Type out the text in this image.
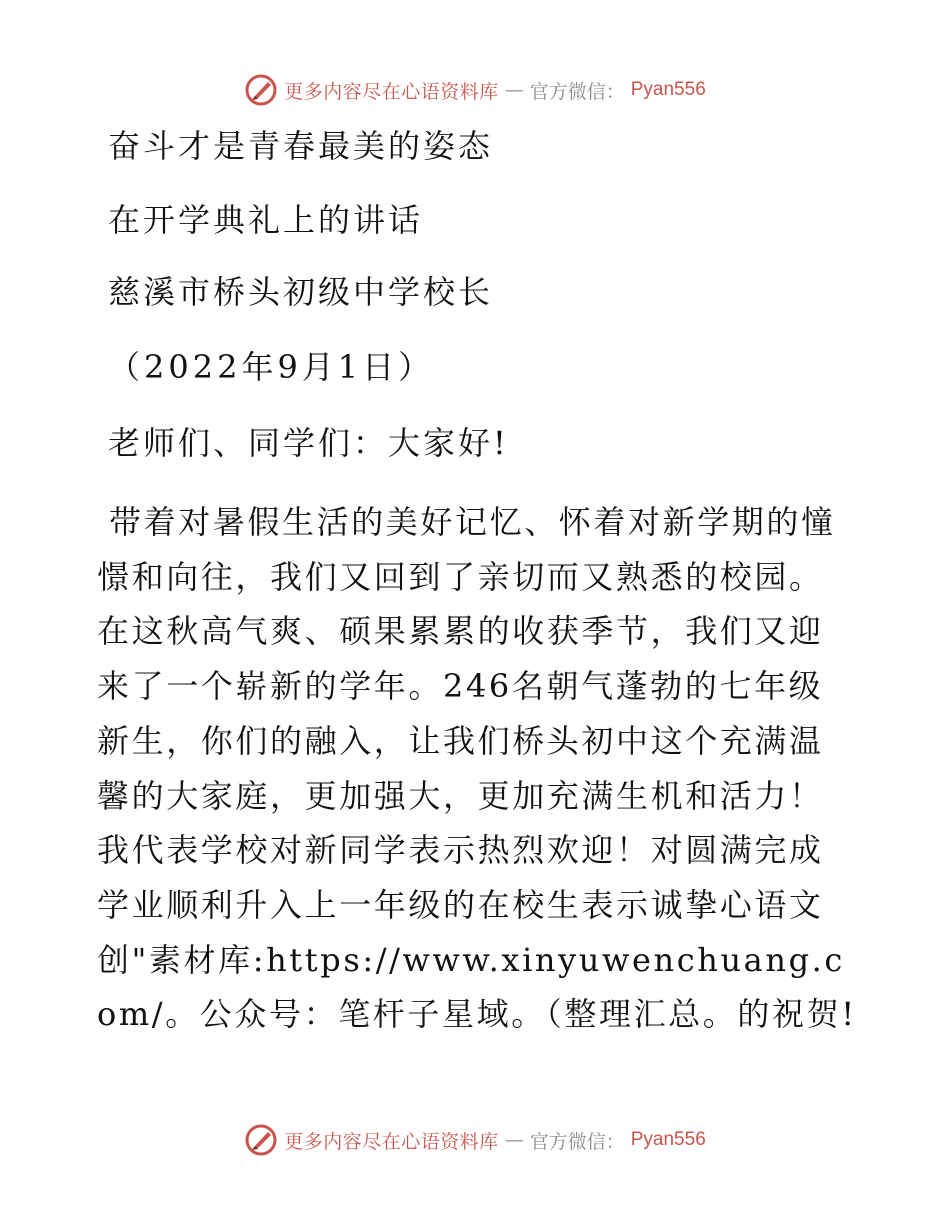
更多内容尽在心语资料库 — 官方微信： Pyan556
奋斗才是青春最美的姿态
在开学典礼上的讲话
慈溪市桥头初级中学校长
（2022年9月1日）
老师们、同学们：大家好!
带着对暑假生活的美好记忆、怀着对新学期的憧憬和向往，我们又回到了亲切而又熟悉的校园。在这秋高气爽、硕果累累的收获季节，我们又迎来了一个崭新的学年。246名朝气蓬勃的七年级新生，你们的融入，让我们桥头初中这个充满温馨的大家庭，更加强大，更加充满生机和活力！我代表学校对新同学表示热烈欢迎！对圆满完成学业顺利升入上一年级的在校生表示诚挚心语文创"素材库:https://www.xinyuwenchuang.com/。公众号：笔杆子星域。（整理汇总。的祝贺!
更多内容尽在心语资料库 — 官方微信： Pyan556
